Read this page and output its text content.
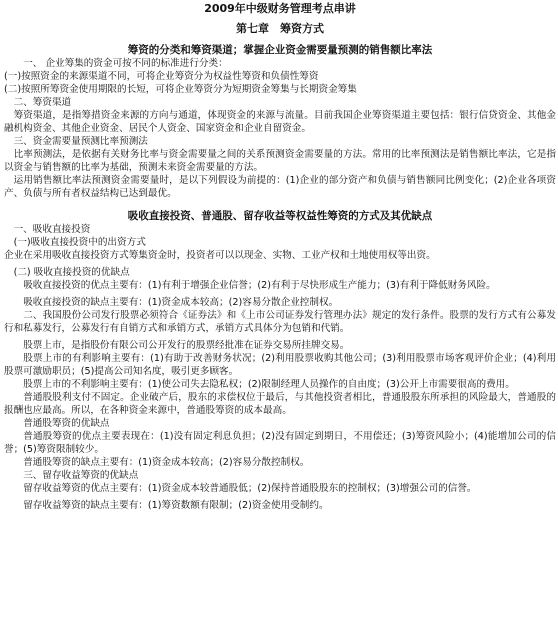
2009年中级财务管理考点串讲
第七章　筹资方式
筹资的分类和筹资渠道；掌握企业资金需要量预测的销售额比率法

一、 企业筹集的资金可按不同的标准进行分类：

(一)按照资金的来源渠道不同，可将企业筹资分为权益性筹资和负债性筹资

(二)按照所筹资金使用期限的长短，可将企业筹资分为短期资金筹集与长期资金筹集

二、筹资渠道

筹资渠道，是指筹措资金来源的方向与通道，体现资金的来源与流量。目前我国企业筹资渠道主要包括：银行信贷资金、其他金融机构资金、其他企业资金、居民个人资金、国家资金和企业自留资金。

三、资金需要量预测比率预测法

比率预测法，是依据有关财务比率与资金需要量之间的关系预测资金需要量的方法。常用的比率预测法是销售额比率法，它是指以资金与销售额的比率为基础，预测未来资金需要量的方法。

运用销售额比率法预测资金需要量时，是以下列假设为前提的：(1)企业的部分资产和负债与销售额同比例变化；(2)企业各项资产、负债与所有者权益结构已达到最优。

吸收直接投资、普通股、留存收益等权益性筹资的方式及其优缺点

一、吸收直接投资

(一)吸收直接投资中的出资方式

企业在采用吸收直接投资方式筹集资金时，投资者可以以现金、实物、工业产权和土地使用权等出资。

(二) 吸收直接投资的优缺点

吸收直接投资的优点主要有：(1)有利于增强企业信誉；(2)有利于尽快形成生产能力；(3)有利于降低财务风险。

吸收直接投资的缺点主要有：(1)资金成本较高；(2)容易分散企业控制权。

二、我国股份公司发行股票必须符合《证券法》和《上市公司证券发行管理办法》规定的发行条件。股票的发行方式有公募发行和私募发行，公募发行有自销方式和承销方式，承销方式具体分为包销和代销。

股票上市，是指股份有限公司公开发行的股票经批准在证券交易所挂牌交易。

股票上市的有利影响主要有：(1)有助于改善财务状况；(2)利用股票收购其他公司；(3)利用股票市场客观评价企业；(4)利用股票可激励职员；(5)提高公司知名度，吸引更多顾客。

股票上市的不利影响主要有：(1)使公司失去隐私权；(2)限制经理人员操作的自由度；(3)公开上市需要很高的费用。

普通股股利支付不固定。企业破产后，股东的求偿权位于最后，与其他投资者相比，普通股股东所承担的风险最大，普通股的报酬也应最高。所以，在各种资金来源中，普通股筹资的成本最高。

普通股筹资的优缺点

普通股筹资的优点主要表现在：(1)没有固定利息负担；(2)没有固定到期日，不用偿还；(3)筹资风险小；(4)能增加公司的信誉；(5)筹资限制较少。

普通股筹资的缺点主要有：(1)资金成本较高；(2)容易分散控制权。

三、留存收益筹资的优缺点

留存收益筹资的优点主要有：(1)资金成本较普通股低；(2)保持普通股股东的控制权；(3)增强公司的信誉。

留存收益筹资的缺点主要有：(1)筹资数额有限制；(2)资金使用受制约。
